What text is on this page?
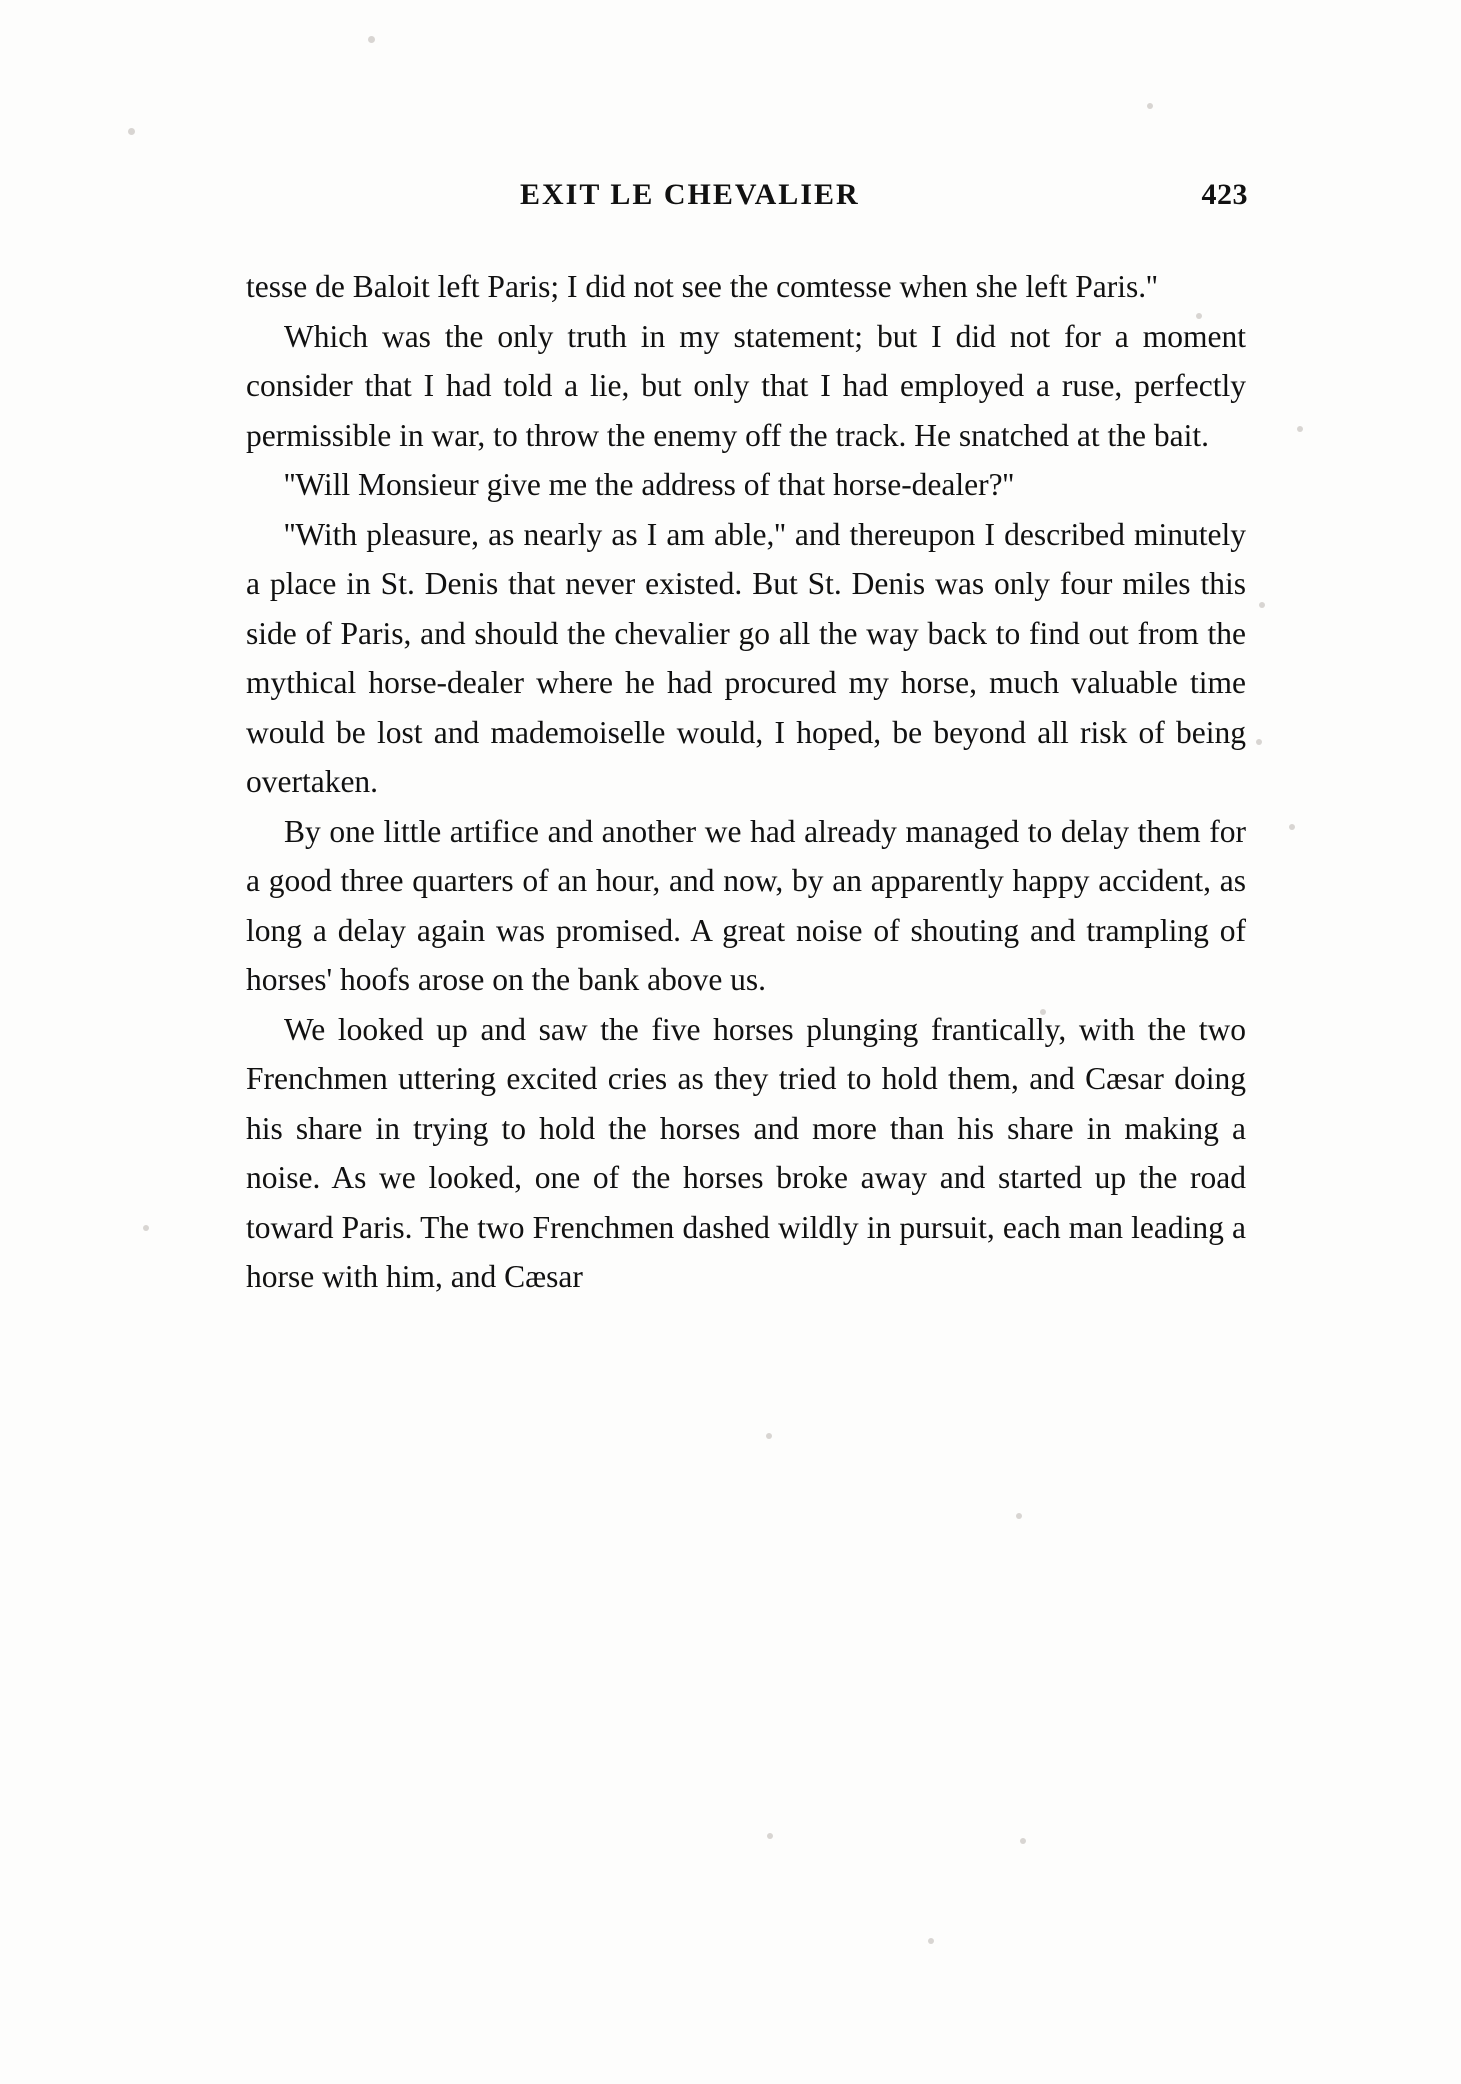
EXIT LE CHEVALIER	423

tesse de Baloit left Paris; I did not see the comtesse when she left Paris.''

Which was the only truth in my statement; but I did not for a moment consider that I had told a lie, but only that I had employed a ruse, perfectly permissible in war, to throw the enemy off the track. He snatched at the bait.

''Will Monsieur give me the address of that horse-dealer?''

''With pleasure, as nearly as I am able,'' and thereupon I described minutely a place in St. Denis that never existed. But St. Denis was only four miles this side of Paris, and should the chevalier go all the way back to find out from the mythical horse-dealer where he had procured my horse, much valuable time would be lost and mademoiselle would, I hoped, be beyond all risk of being overtaken.

By one little artifice and another we had already managed to delay them for a good three quarters of an hour, and now, by an apparently happy accident, as long a delay again was promised. A great noise of shouting and trampling of horses' hoofs arose on the bank above us.

We looked up and saw the five horses plunging frantically, with the two Frenchmen uttering excited cries as they tried to hold them, and Cæsar doing his share in trying to hold the horses and more than his share in making a noise. As we looked, one of the horses broke away and started up the road toward Paris. The two Frenchmen dashed wildly in pursuit, each man leading a horse with him, and Cæsar
